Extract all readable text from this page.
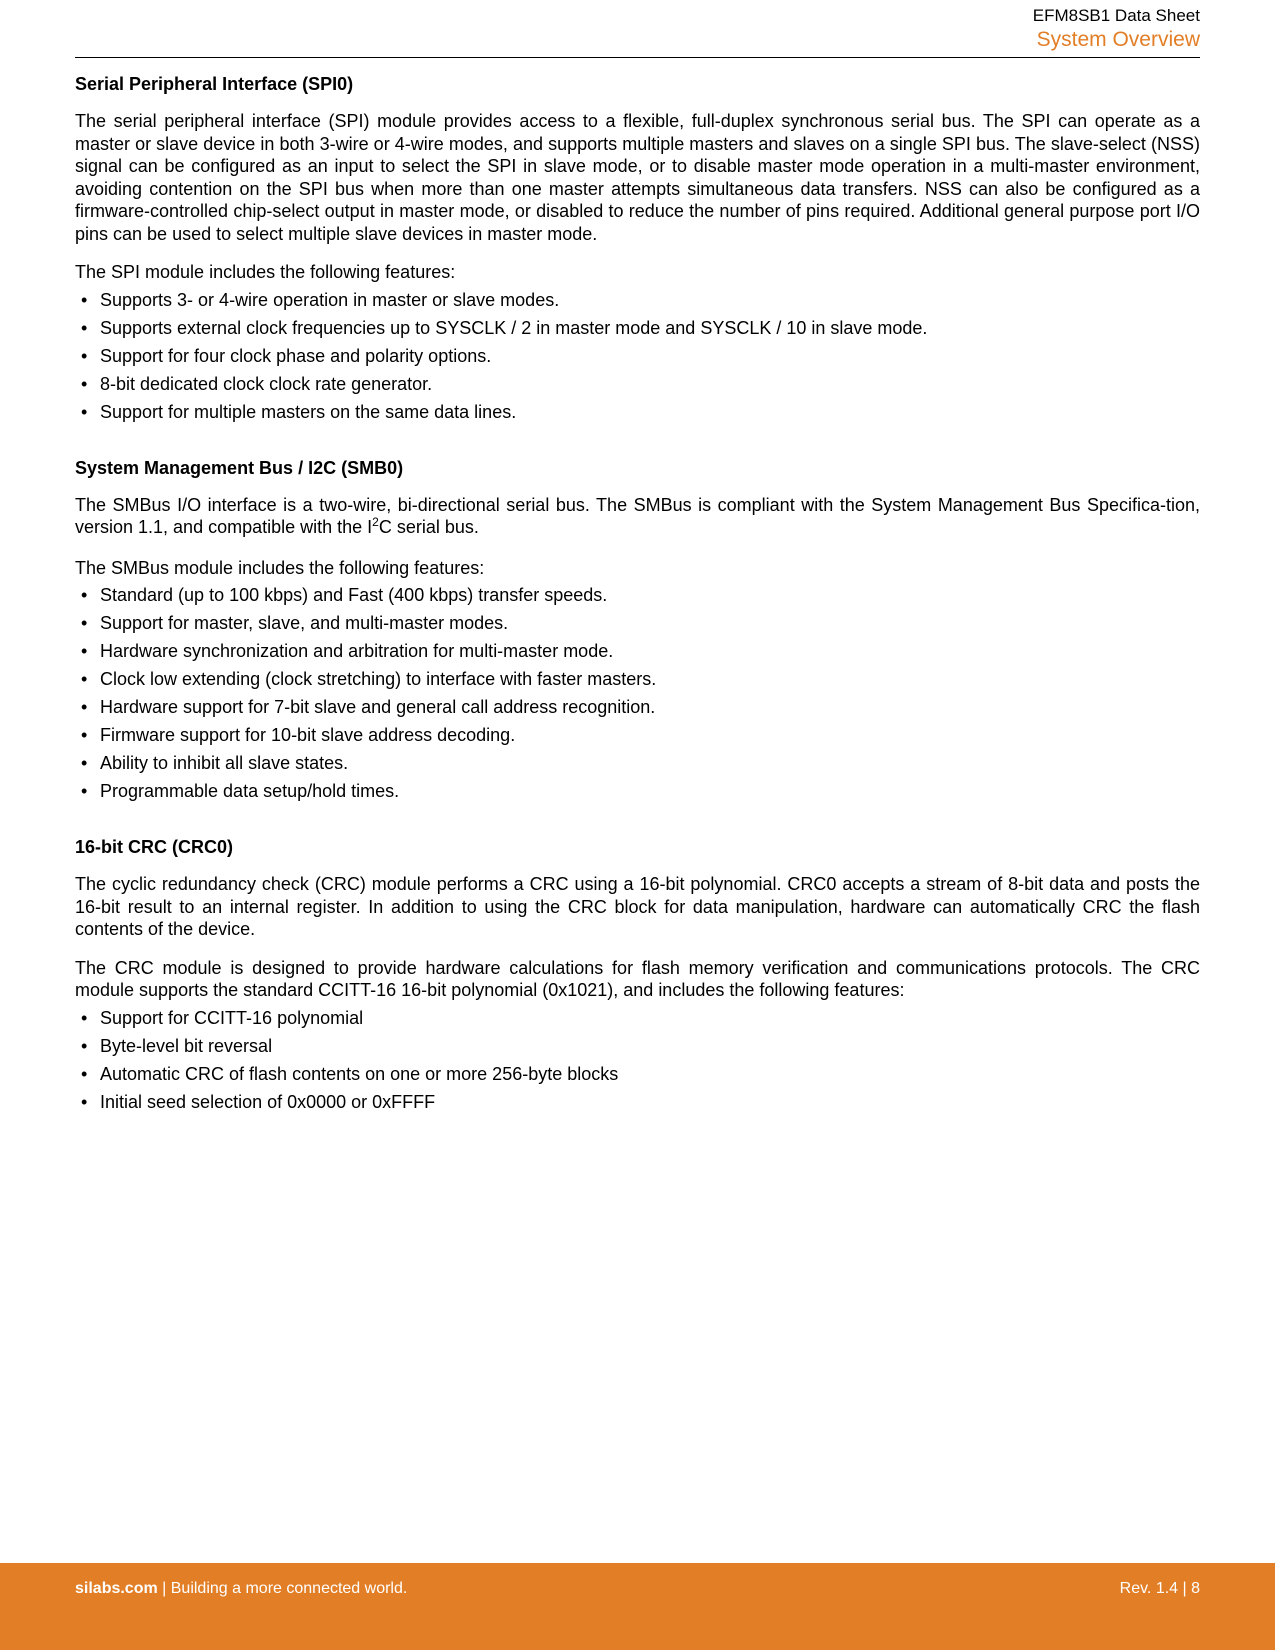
EFM8SB1 Data Sheet
System Overview
Serial Peripheral Interface (SPI0)

The serial peripheral interface (SPI) module provides access to a flexible, full-duplex synchronous serial bus. The SPI can operate as a master or slave device in both 3-wire or 4-wire modes, and supports multiple masters and slaves on a single SPI bus. The slave-select (NSS) signal can be configured as an input to select the SPI in slave mode, or to disable master mode operation in a multi-master environment, avoiding contention on the SPI bus when more than one master attempts simultaneous data transfers. NSS can also be configured as a firmware-controlled chip-select output in master mode, or disabled to reduce the number of pins required. Additional general purpose port I/O pins can be used to select multiple slave devices in master mode.

The SPI module includes the following features:

• Supports 3- or 4-wire operation in master or slave modes.
• Supports external clock frequencies up to SYSCLK / 2 in master mode and SYSCLK / 10 in slave mode.
• Support for four clock phase and polarity options.
• 8-bit dedicated clock clock rate generator.
• Support for multiple masters on the same data lines.
System Management Bus / I2C (SMB0)

The SMBus I/O interface is a two-wire, bi-directional serial bus. The SMBus is compliant with the System Management Bus Specifica-tion, version 1.1, and compatible with the $I^2C$ serial bus.

The SMBus module includes the following features:

• Standard (up to 100 kbps) and Fast (400 kbps) transfer speeds.
• Support for master, slave, and multi-master modes.
• Hardware synchronization and arbitration for multi-master mode.
• Clock low extending (clock stretching) to interface with faster masters.
• Hardware support for 7-bit slave and general call address recognition.
• Firmware support for 10-bit slave address decoding.
• Ability to inhibit all slave states.
• Programmable data setup/hold times.
16-bit CRC (CRC0)

The cyclic redundancy check (CRC) module performs a CRC using a 16-bit polynomial. CRC0 accepts a stream of 8-bit data and posts the 16-bit result to an internal register. In addition to using the CRC block for data manipulation, hardware can automatically CRC the flash contents of the device.

The CRC module is designed to provide hardware calculations for flash memory verification and communications protocols. The CRC module supports the standard CCITT-16 16-bit polynomial (0x1021), and includes the following features:

• Support for CCITT-16 polynomial
• Byte-level bit reversal
• Automatic CRC of flash contents on one or more 256-byte blocks
• Initial seed selection of 0x0000 or 0xFFFF
silabs.com | Building a more connected world.	Rev. 1.4 | 8
